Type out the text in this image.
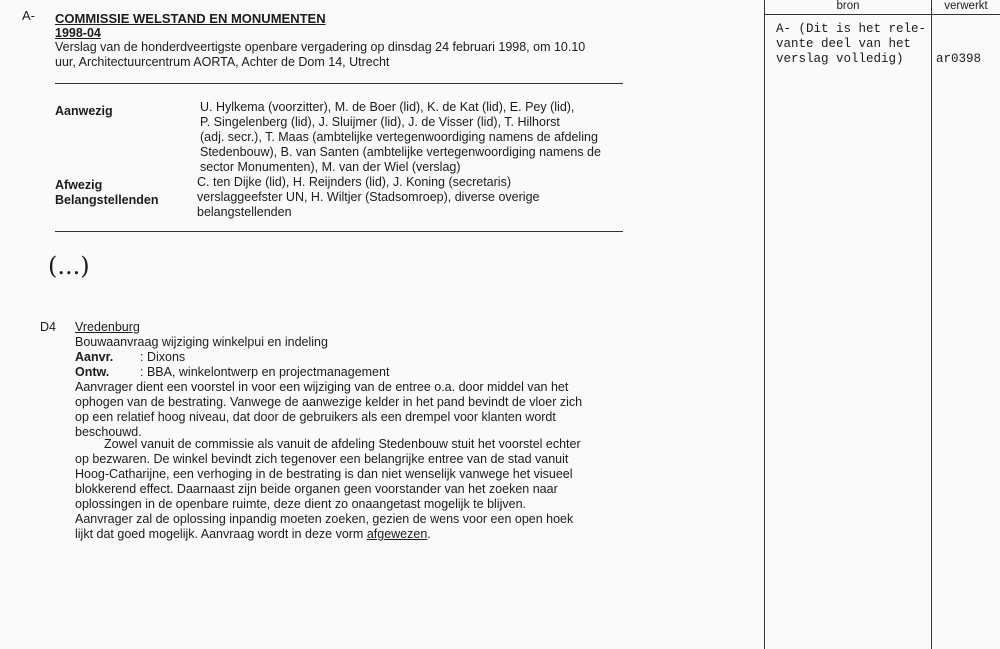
A- COMMISSIE WELSTAND EN MONUMENTEN
1998-04
Verslag van de honderdveertigste openbare vergadering op dinsdag 24 februari 1998, om 10.10
uur, Architectuurcentrum AORTA, Achter de Dom 14, Utrecht
Aanwezig	U. Hylkema (voorzitter), M. de Boer (lid), K. de Kat (lid), E. Pey (lid),
P. Singelenberg (lid), J. Sluijmer (lid), J. de Visser (lid), T. Hilhorst
(adj. secr.), T. Maas (ambtelijke vertegenwoordiging namens de afdeling
Stedenbouw), B. van Santen (ambtelijke vertegenwoordiging namens de
sector Monumenten), M. van der Wiel (verslag)
Afwezig	C. ten Dijke (lid), H. Reijnders (lid), J. Koning (secretaris)
Belangstellenden	verslaggeefster UN, H. Wiltjer (Stadsomroep), diverse overige
belangstellenden
(...)
D4 Vredenburg
Bouwaanvraag wijziging winkelpui en indeling
Aanvr. : Dixons
Ontw. : BBA, winkelontwerp en projectmanagement
Aanvrager dient een voorstel in voor een wijziging van de entree o.a. door middel van het
ophogen van de bestrating. Vanwege de aanwezige kelder in het pand bevindt de vloer zich
op een relatief hoog niveau, dat door de gebruikers als een drempel voor klanten wordt
beschouwd.
Zowel vanuit de commissie als vanuit de afdeling Stedenbouw stuit het voorstel echter
op bezwaren. De winkel bevindt zich tegenover een belangrijke entree van de stad vanuit
Hoog-Catharijne, een verhoging in de bestrating is dan niet wenselijk vanwege het visueel
blokkerend effect. Daarnaast zijn beide organen geen voorstander van het zoeken naar
oplossingen in de openbare ruimte, deze dient zo onaangetast mogelijk te blijven.
Aanvrager zal de oplossing inpandig moeten zoeken, gezien de wens voor een open hoek
lijkt dat goed mogelijk. Aanvraag wordt in deze vorm afgewezen.
bron	verwerkt
A- (Dit is het rele-
vante deel van het
verslag volledig)	ar0398
